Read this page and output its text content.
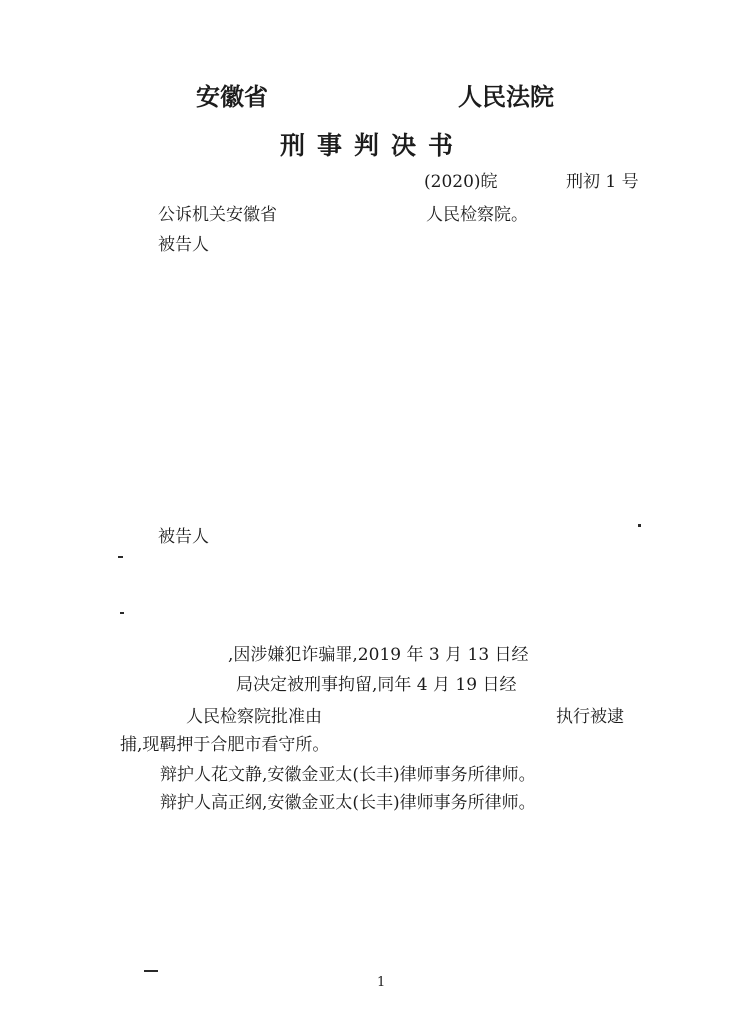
安徽省	人民法院
刑事判决书
(2020)皖	刑初 1 号
公诉机关安徽省	人民检察院。
被告人
被告人
,因涉嫌犯诈骗罪,2019 年 3 月 13 日经
局决定被刑事拘留,同年 4 月 19 日经
人民检察院批准由	执行被逮
捕,现羁押于合肥市看守所。
辩护人花文静,安徽金亚太(长丰)律师事务所律师。
辩护人高正纲,安徽金亚太(长丰)律师事务所律师。
1
